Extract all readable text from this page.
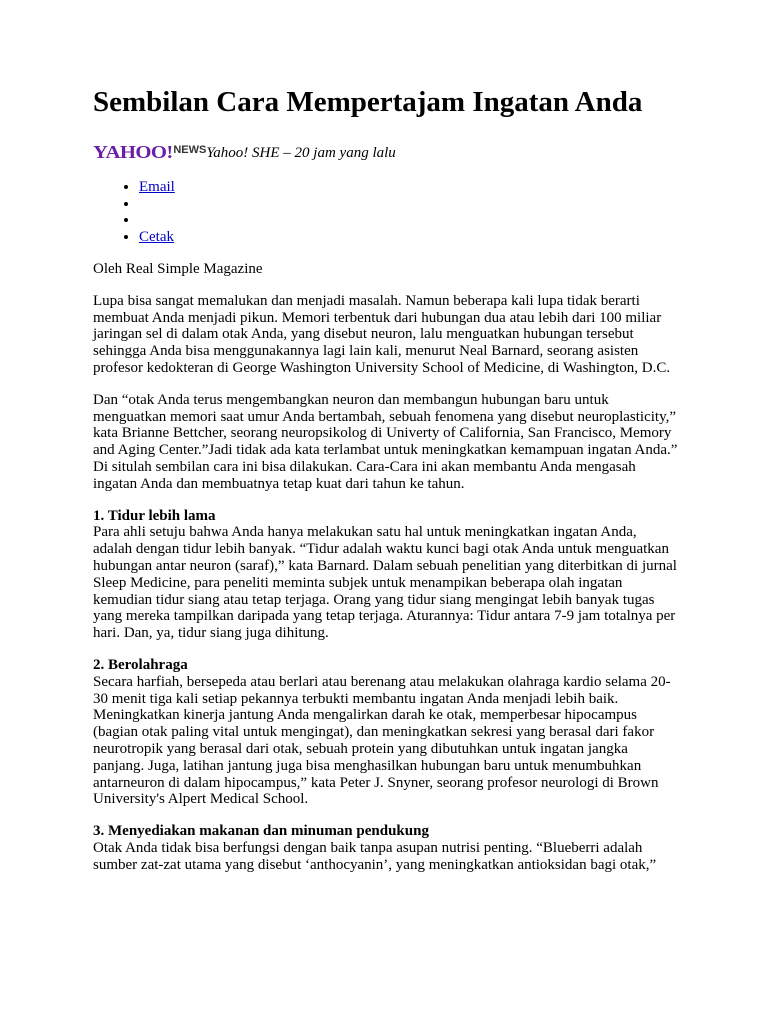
Sembilan Cara Mempertajam Ingatan Anda
YAHOO! NEWS Yahoo! SHE – 20 jam yang lalu
• Email
•
•
• Cetak

Oleh Real Simple Magazine

Lupa bisa sangat memalukan dan menjadi masalah. Namun beberapa kali lupa tidak berarti membuat Anda menjadi pikun. Memori terbentuk dari hubungan dua atau lebih dari 100 miliar jaringan sel di dalam otak Anda, yang disebut neuron, lalu menguatkan hubungan tersebut sehingga Anda bisa menggunakannya lagi lain kali, menurut Neal Barnard, seorang asisten profesor kedokteran di George Washington University School of Medicine, di Washington, D.C.

Dan “otak Anda terus mengembangkan neuron dan membangun hubungan baru untuk menguatkan memori saat umur Anda bertambah, sebuah fenomena yang disebut neuroplasticity,” kata Brianne Bettcher, seorang neuropsikolog di Univerty of California, San Francisco, Memory and Aging Center.”Jadi tidak ada kata terlambat untuk meningkatkan kemampuan ingatan Anda.” Di situlah sembilan cara ini bisa dilakukan. Cara-Cara ini akan membantu Anda mengasah ingatan Anda dan membuatnya tetap kuat dari tahun ke tahun.

1. Tidur lebih lama
Para ahli setuju bahwa Anda hanya melakukan satu hal untuk meningkatkan ingatan Anda, adalah dengan tidur lebih banyak. “Tidur adalah waktu kunci bagi otak Anda untuk menguatkan hubungan antar neuron (saraf),” kata Barnard. Dalam sebuah penelitian yang diterbitkan di jurnal Sleep Medicine, para peneliti meminta subjek untuk menampikan beberapa olah ingatan kemudian tidur siang atau tetap terjaga. Orang yang tidur siang mengingat lebih banyak tugas yang mereka tampilkan daripada yang tetap terjaga. Aturannya: Tidur antara 7-9 jam totalnya per hari. Dan, ya, tidur siang juga dihitung.

2. Berolahraga
Secara harfiah, bersepeda atau berlari atau berenang atau melakukan olahraga kardio selama 20-30 menit tiga kali setiap pekannya terbukti membantu ingatan Anda menjadi lebih baik. Meningkatkan kinerja jantung Anda mengalirkan darah ke otak, memperbesar hipocampus (bagian otak paling vital untuk mengingat), dan meningkatkan sekresi yang berasal dari fakor neurotropik yang berasal dari otak, sebuah protein yang dibutuhkan untuk ingatan jangka panjang. Juga, latihan jantung juga bisa menghasilkan hubungan baru untuk menumbuhkan antarneuron di dalam hipocampus,” kata Peter J. Snyner, seorang profesor neurologi di Brown University's Alpert Medical School.

3. Menyediakan makanan dan minuman pendukung
Otak Anda tidak bisa berfungsi dengan baik tanpa asupan nutrisi penting. “Blueberri adalah sumber zat-zat utama yang disebut ‘anthocyanin’, yang meningkatkan antioksidan bagi otak,”
